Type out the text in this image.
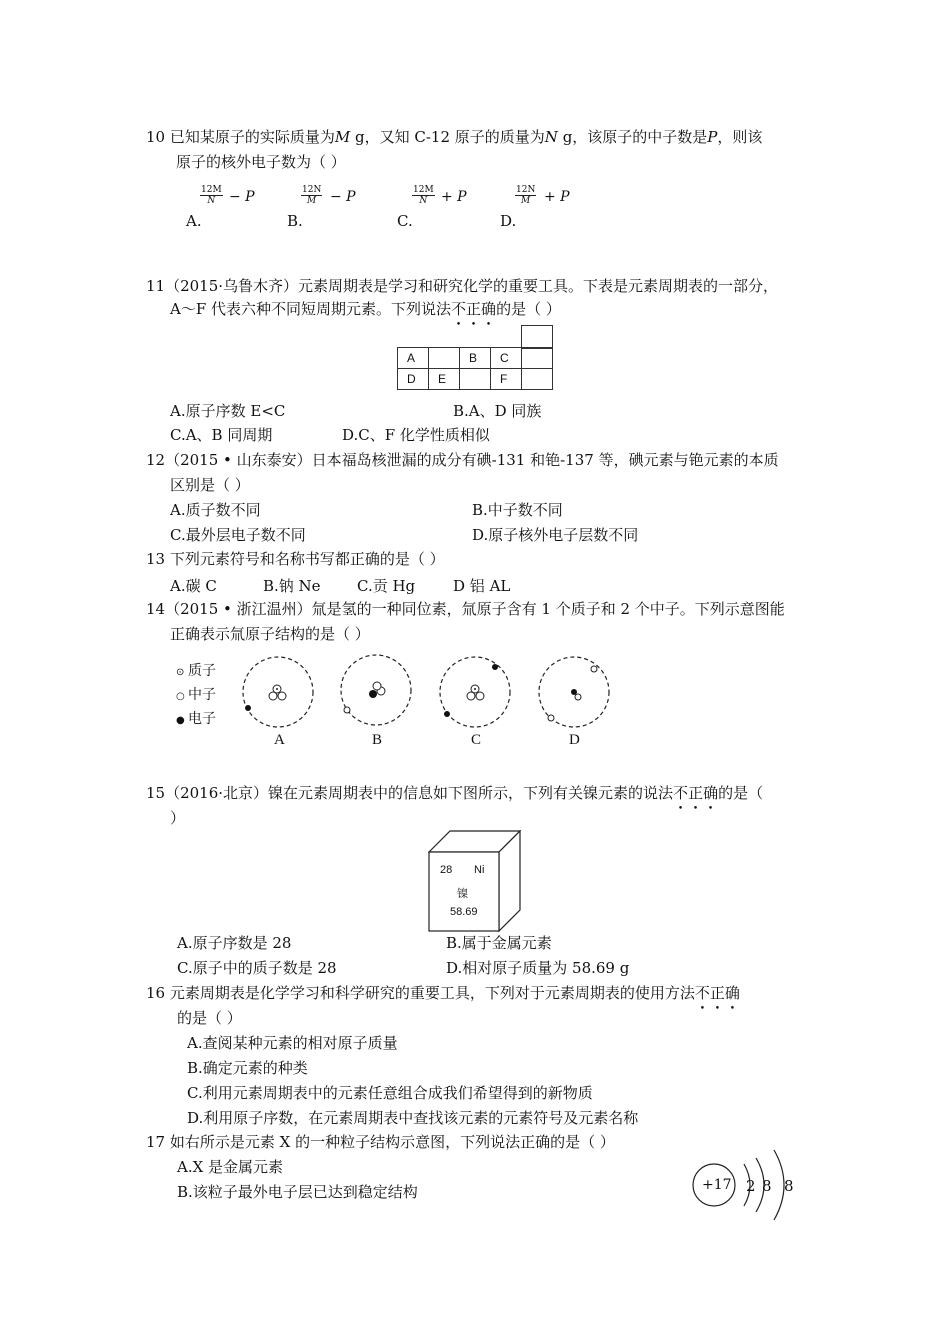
10 已知某原子的实际质量为M g，又知 C-12 原子的质量为N g，该原子的中子数是P，则该
原子的核外电子数为（ ）
$\frac{12M}{N} - P$
A.
$\frac{12N}{M} - P$
B.
$\frac{12M}{N} + P$
C.
$\frac{12N}{M} + P$
D.
11（2015·乌鲁木齐）元素周期表是学习和研究化学的重要工具。下表是元素周期表的一部分，
A～F 代表六种不同短周期元素。下列说法不正确的是（ ）
A		B	C	
D	E		F	
A.原子序数 E<C	B.A、D 同族
C.A、B 同周期	D.C、F 化学性质相似
12（2015 • 山东泰安）日本福岛核泄漏的成分有碘-131 和铯-137 等，碘元素与铯元素的本质
区别是（ ）
A.质子数不同	B.中子数不同
C.最外层电子数不同	D.原子核外电子层数不同
13 下列元素符号和名称书写都正确的是（ ）
A.碳 C	B.钠 Ne C.贡 Hg	D 铝 AL
14（2015 • 浙江温州）氚是氢的一种同位素，氚原子含有 1 个质子和 2 个中子。下列示意图能
正确表示氚原子结构的是（ ）
⊙ 质子
○ 中子
● 电子
A	B	C	D
15（2016·北京）镍在元素周期表中的信息如下图所示，下列有关镍元素的说法不正确的是（
）
28 Ni
镍
58.69
A.原子序数是 28	B.属于金属元素
C.原子中的质子数是 28	D.相对原子质量为 58.69 g
16 元素周期表是化学学习和科学研究的重要工具，下列对于元素周期表的使用方法不正确
的是（ ）
A.查阅某种元素的相对原子质量
B.确定元素的种类
C.利用元素周期表中的元素任意组合成我们希望得到的新物质
D.利用原子序数，在元素周期表中查找该元素的元素符号及元素名称
17 如右所示是元素 X 的一种粒子结构示意图，下列说法正确的是（ ）
A.X 是金属元素
B.该粒子最外电子层已达到稳定结构	+17 2 8 8
